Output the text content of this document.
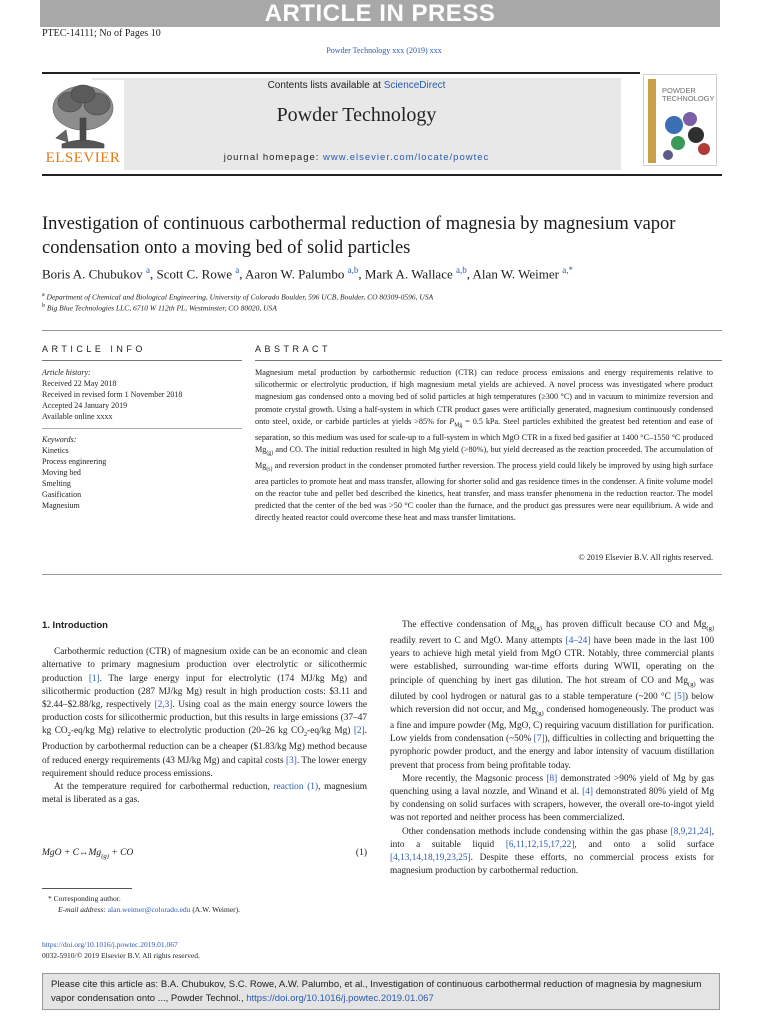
ARTICLE IN PRESS
PTEC-14111; No of Pages 10
Powder Technology xxx (2019) xxx
Contents lists available at ScienceDirect
Powder Technology
journal homepage: www.elsevier.com/locate/powtec
ELSEVIER
POWDER
TECHNOLOGY
Investigation of continuous carbothermal reduction of magnesia by magnesium vapor condensation onto a moving bed of solid particles
Boris A. Chubukov $^a$, Scott C. Rowe $^a$, Aaron W. Palumbo $^{a,b}$, Mark A. Wallace $^{a,b}$, Alan W. Weimer $^{a,*}$
$^a$ Department of Chemical and Biological Engineering, University of Colorado Boulder, 596 UCB, Boulder, CO 80309-0596, USA
$^b$ Big Blue Technologies LLC, 6710 W 112th PL, Westminster, CO 80020, USA
ARTICLE INFO	ABSTRACT
Article history:
Received 22 May 2018
Received in revised form 1 November 2018
Accepted 24 January 2019
Available online xxxx
Keywords:
Kinetics
Process engineering
Moving bed
Smelting
Gasification
Magnesium
Magnesium metal production by carbothermic reduction (CTR) can reduce process emissions and energy requirements relative to silicothermic or electrolytic production, if high magnesium metal yields are achieved. A novel process was investigated where product magnesium gas condensed onto a moving bed of solid particles at high temperatures (≥300 °C) and in vacuum to minimize reversion and promote crystal growth. Using a half-system in which CTR product gases were artificially generated, magnesium continuously condensed onto steel, oxide, or carbide particles at yields >85% for $P_{Mg} = 0.5$ kPa. Steel particles exhibited the greatest bed retention and ease of separation, so this medium was used for scale-up to a full-system in which MgO CTR in a fixed bed gasifier at 1400 °C–1550 °C produced $Mg_{(g)}$ and CO. The initial reduction resulted in high Mg yield (>80%), but yield decreased as the reaction proceeded. The accumulation of $Mg_{(s)}$ and reversion product in the condenser promoted further reversion. The process yield could likely be improved by using high surface area particles to promote heat and mass transfer, allowing for shorter solid and gas residence times in the condenser. A finite volume model on the reactor tube and pellet bed described the kinetics, heat transfer, and mass transfer phenomena in the reduction reactor. The model predicted that the center of the bed was >50 °C cooler than the furnace, and the product gas pressures were near equilibrium. A wide and directly heated reactor could overcome these heat and mass transfer limitations.
© 2019 Elsevier B.V. All rights reserved.
1. Introduction

Carbothermic reduction (CTR) of magnesium oxide can be an economic and clean alternative to primary magnesium production over electrolytic or silicothermic production [1]. The large energy input for electrolytic (174 MJ/kg Mg) and silicothermic production (287 MJ/kg Mg) result in high production costs: $3.11 and $2.44–$2.88/kg, respectively [2,3]. Using coal as the main energy source lowers the production costs for silicothermic production, but this results in large emissions (37–47 kg $CO_2-eq/kg$ Mg) relative to electrolytic production (20–26 kg $CO_2-eq/kg$ Mg) [2]. Production by carbothermal reduction can be a cheaper ($1.83/kg Mg) method because of reduced energy requirements (43 MJ/kg Mg) and capital costs [3]. The lower energy requirement should reduce process emissions.

At the temperature required for carbothermal reduction, reaction (1), magnesium metal is liberated as a gas.

MgO + $C\leftrightarrow Mg_{(g)}$ + CO	(1)

The effective condensation of $Mg_{(g)}$ has proven difficult because CO and $Mg_{(g)}$ readily revert to C and MgO. Many attempts [4–24] have been made in the last 100 years to achieve high metal yield from MgO CTR. Notably, three commercial plants were established, surrounding war-time efforts during WWII, operating on the principle of quenching by inert gas dilution. The hot stream of CO and $Mg_{(g)}$ was diluted by cool hydrogen or natural gas to a stable temperature (~200 °C [5]) below which reversion did not occur, and $Mg_{(g)}$ condensed homogeneously. The product was a fine and impure powder (Mg, MgO, C) requiring vacuum distillation for purification. Low yields from condensation (~50% [7]), difficulties in collecting and briquetting the pyrophoric powder product, and the energy and labor intensity of vacuum distillation prevent that process from being profitable today.

More recently, the Magsonic process [8] demonstrated >90% yield of Mg by gas quenching using a laval nozzle, and Winand et al. [4] demonstrated 80% yield of Mg by condensing on solid surfaces with scrapers, however, the overall ore-to-ingot yield was not reported and neither process has been commercialized.

Other condensation methods include condensing within the gas phase [8,9,21,24], into a suitable liquid [6,11,12,15,17,22], and onto a solid surface [4,13,14,18,19,23,25]. Despite these efforts, no commercial process exists for magnesium production by carbothermal reduction.

* Corresponding author.
E-mail address: alan.weimer@colorado.edu (A.W. Weimer).
https://doi.org/10.1016/j.powtec.2019.01.067
0032-5910/© 2019 Elsevier B.V. All rights reserved.
Please cite this article as: B.A. Chubukov, S.C. Rowe, A.W. Palumbo, et al., Investigation of continuous carbothermal reduction of magnesia by magnesium vapor condensation onto ..., Powder Technol., https://doi.org/10.1016/j.powtec.2019.01.067
